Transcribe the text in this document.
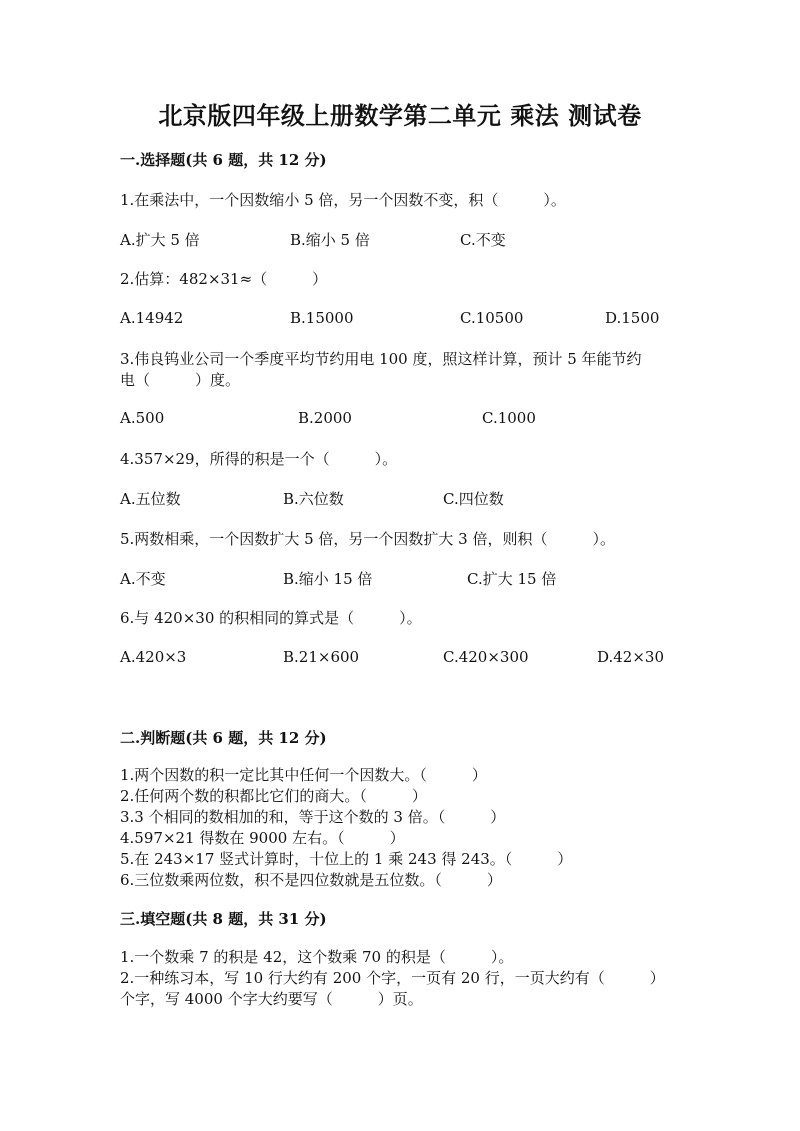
北京版四年级上册数学第二单元 乘法 测试卷
一.选择题(共 6 题，共 12 分)
1.在乘法中，一个因数缩小 5 倍，另一个因数不变，积（　　　）。
A.扩大 5 倍	B.缩小 5 倍	C.不变
2.估算：482×31≈（　　　）
A.14942	B.15000	C.10500	D.1500
3.伟良钨业公司一个季度平均节约用电 100 度，照这样计算，预计 5 年能节约
电（　　　）度。
A.500	B.2000	C.1000
4.357×29，所得的积是一个（　　　）。
A.五位数	B.六位数	C.四位数
5.两数相乘，一个因数扩大 5 倍，另一个因数扩大 3 倍，则积（　　　）。
A.不变	B.缩小 15 倍	C.扩大 15 倍
6.与 420×30 的积相同的算式是（　　　）。
A.420×3	B.21×600	C.420×300	D.42×30
二.判断题(共 6 题，共 12 分)
1.两个因数的积一定比其中任何一个因数大。（　　　）
2.任何两个数的积都比它们的商大。（　　　）
3.3 个相同的数相加的和，等于这个数的 3 倍。（　　　）
4.597×21 得数在 9000 左右。（　　　）
5.在 243×17 竖式计算时，十位上的 1 乘 243 得 243。（　　　）
6.三位数乘两位数，积不是四位数就是五位数。（　　　）
三.填空题(共 8 题，共 31 分)
1.一个数乘 7 的积是 42，这个数乘 70 的积是（　　　）。
2.一种练习本，写 10 行大约有 200 个字，一页有 20 行，一页大约有（　　　）
个字，写 4000 个字大约要写（　　　）页。
